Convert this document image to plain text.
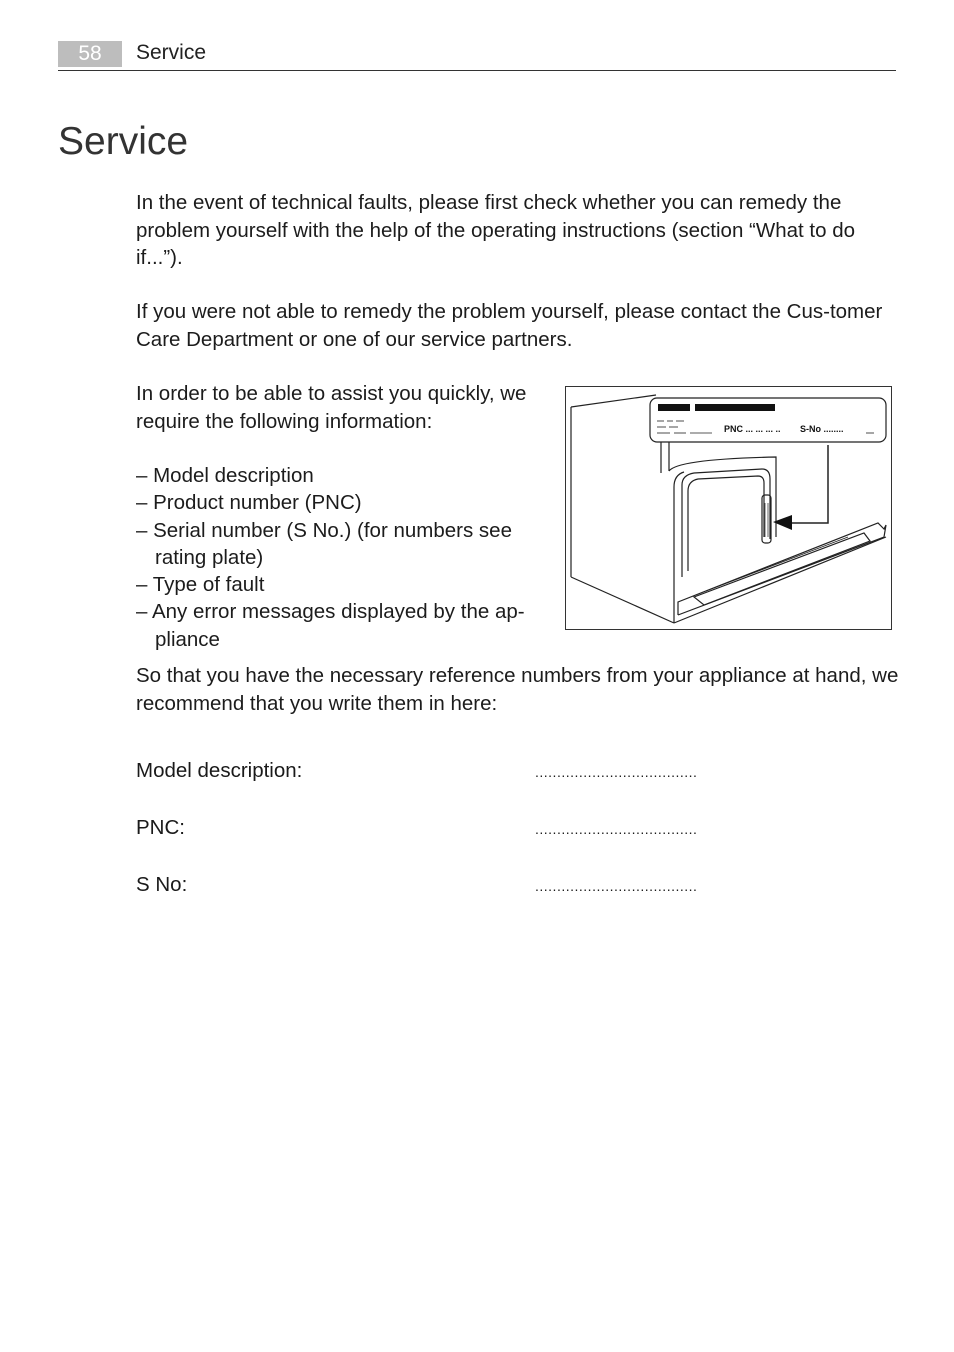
58	Service
Service

In the event of technical faults, please first check whether you can remedy the problem yourself with the help of the operating instructions (section “What to do if...”).

If you were not able to remedy the problem yourself, please contact the Cus-tomer Care Department or one of our service partners.

In order to be able to assist you quickly, we require the following information:

– Model description
– Product number (PNC)
– Serial number (S No.) (for numbers see rating plate)
– Type of fault
– Any error messages displayed by the ap-pliance
PNC ... ... ... .. S-No ........

So that you have the necessary reference numbers from your appliance at hand, we recommend that you write them in here:

Model description:	.....................................
PNC:	.....................................
S No:	.....................................
